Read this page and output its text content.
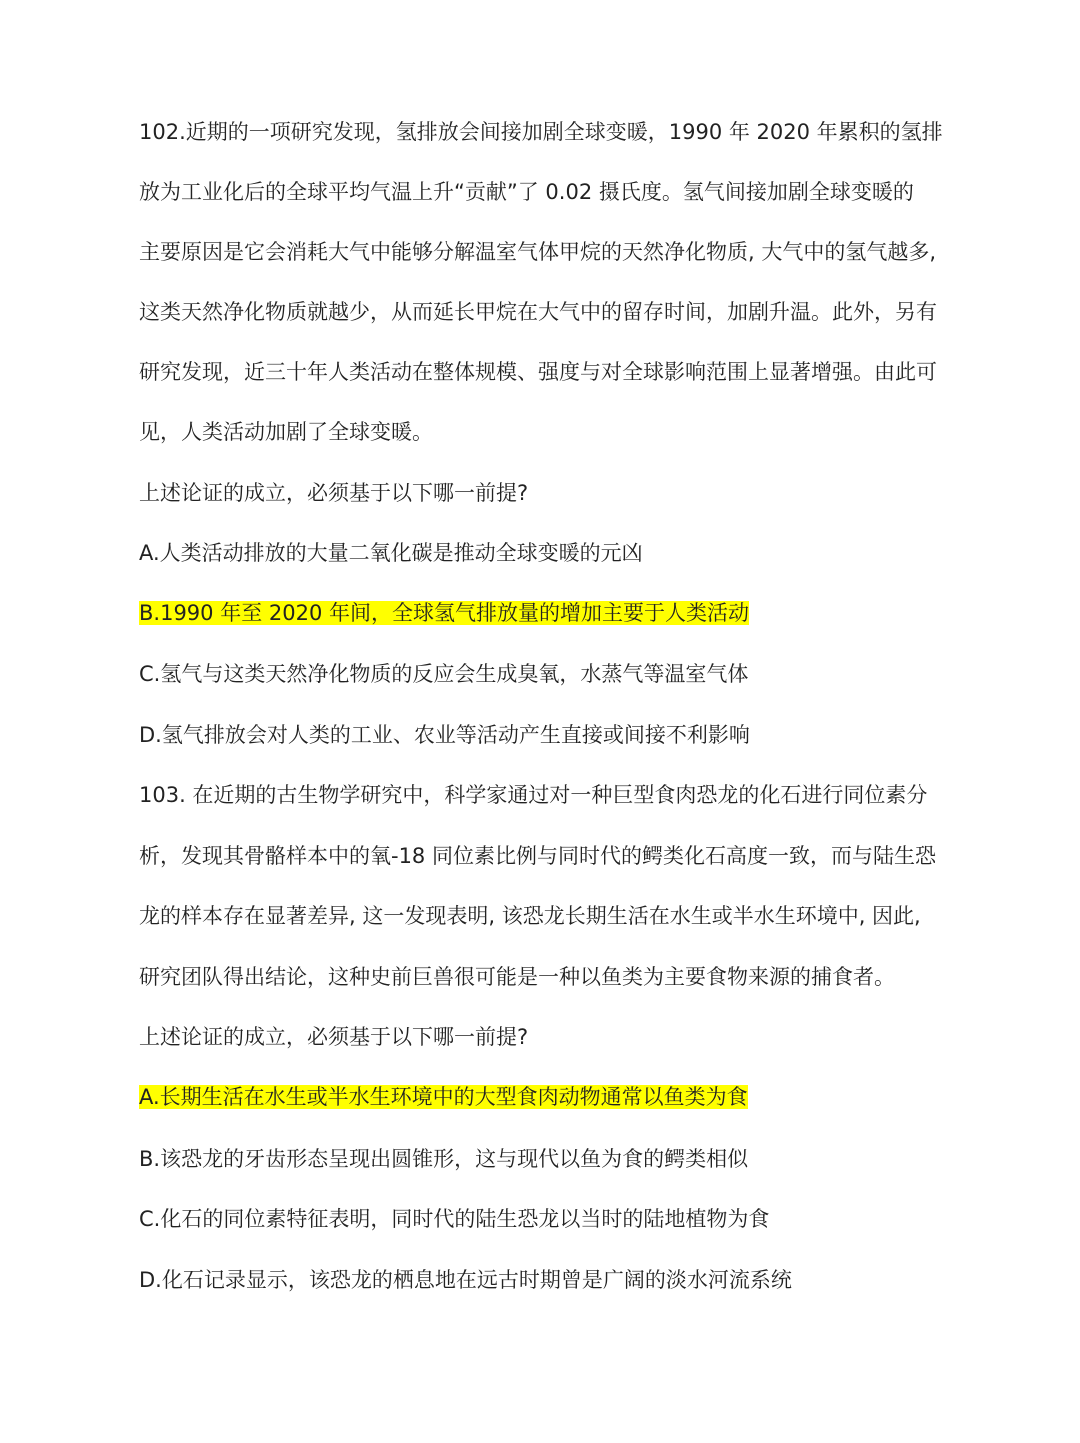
102.近期的一项研究发现，氢排放会间接加剧全球变暖，1990 年 2020 年累积的氢排
放为工业化后的全球平均气温上升“贡献”了 0.02 摄氏度。氢气间接加剧全球变暖的
主要原因是它会消耗大气中能够分解温室气体甲烷的天然净化物质, 大气中的氢气越多,
这类天然净化物质就越少，从而延长甲烷在大气中的留存时间，加剧升温。此外，另有
研究发现，近三十年人类活动在整体规模、强度与对全球影响范围上显著增强。由此可
见，人类活动加剧了全球变暖。
上述论证的成立，必须基于以下哪一前提?
A.人类活动排放的大量二氧化碳是推动全球变暖的元凶
B.1990 年至 2020 年间，全球氢气排放量的增加主要于人类活动
C.氢气与这类天然净化物质的反应会生成臭氧，水蒸气等温室气体
D.氢气排放会对人类的工业、农业等活动产生直接或间接不利影响
103. 在近期的古生物学研究中，科学家通过对一种巨型食肉恐龙的化石进行同位素分
析，发现其骨骼样本中的氧-18 同位素比例与同时代的鳄类化石高度一致，而与陆生恐
龙的样本存在显著差异, 这一发现表明, 该恐龙长期生活在水生或半水生环境中, 因此,
研究团队得出结论，这种史前巨兽很可能是一种以鱼类为主要食物来源的捕食者。
上述论证的成立，必须基于以下哪一前提?
A.长期生活在水生或半水生环境中的大型食肉动物通常以鱼类为食
B.该恐龙的牙齿形态呈现出圆锥形，这与现代以鱼为食的鳄类相似
C.化石的同位素特征表明，同时代的陆生恐龙以当时的陆地植物为食
D.化石记录显示，该恐龙的栖息地在远古时期曾是广阔的淡水河流系统
